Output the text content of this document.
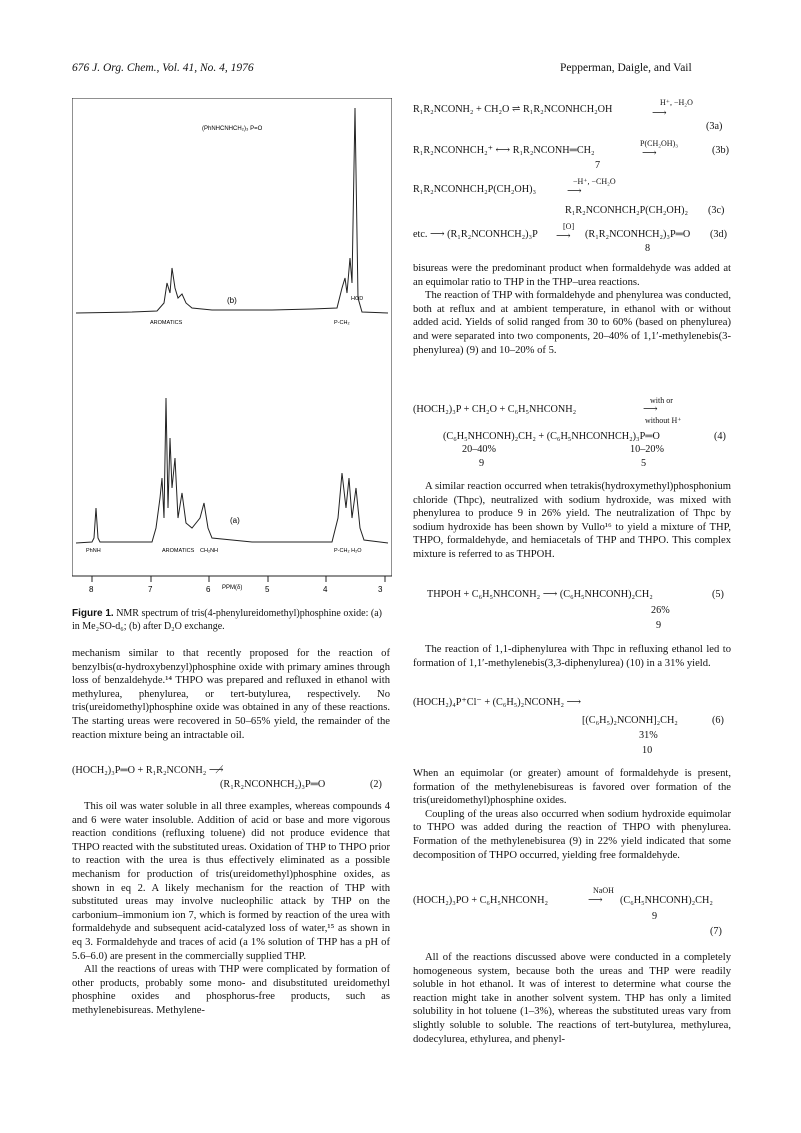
676 J. Org. Chem., Vol. 41, No. 4, 1976	Pepperman, Daigle, and Vail
8	7	6	5	4	3
PPM(δ)
(PhNHCNHCH₂)₃ P=O
(b)
(a)
AROMATICS	P-CH₂
HOD
PhNH	AROMATICS CH₂NH	P-CH₂ H₂O
Figure 1. NMR spectrum of tris(4-phenylureidomethyl)phosphine oxide: (a) in Me₂SO-d₆; (b) after D₂O exchange.

mechanism similar to that recently proposed for the reaction of benzylbis(α-hydroxybenzyl)phosphine oxide with primary amines through loss of benzaldehyde.¹⁴ THPO was prepared and refluxed in ethanol with methylurea, phenylurea, or tert-butylurea, respectively. No tris(ureidomethyl)phosphine oxide was obtained in any of these reactions. The starting ureas were recovered in 50–65% yield, the remainder of the reaction mixture being an intractable oil.

(HOCH₂)₃P═O + R₁R₂NCONH₂ ⟶̸
(R₁R₂NCONHCH₂)₃P═O	(2)

This oil was water soluble in all three examples, whereas compounds 4 and 6 were water insoluble. Addition of acid or base and more vigorous reaction conditions (refluxing toluene) did not produce evidence that THPO reacted with the substituted ureas. Oxidation of THP to THPO prior to reaction with the urea is thus effectively eliminated as a possible mechanism for production of tris(ureidomethyl)phosphine oxides, as shown in eq 2. A likely mechanism for the reaction of THP with substituted ureas may involve nucleophilic attack by THP on the carbonium–immonium ion 7, which is formed by reaction of the urea with formaldehyde and subsequent acid-catalyzed loss of water,¹⁵ as shown in eq 3. Formaldehyde and traces of acid (a 1% solution of THP has a pH of 5.6–6.0) are present in the commercially supplied THP.

All the reactions of ureas with THP were complicated by formation of other products, probably some mono- and disubstituted ureidomethyl phosphine oxides and phosphorus-free products, such as methylenebisureas. Methylene-

R₁R₂NCONH₂ + CH₂O ⇌ R₁R₂NCONHCH₂OH
H⁺, −H₂O
⟶
(3a)
R₁R₂NCONHCH₂⁺ ⟷ R₁R₂NCONH═CH₂
P(CH₂OH)₃
⟶	(3b)
7
R₁R₂NCONHCH₂P(CH₂OH)₃
−H⁺, −CH₂O
⟶
R₁R₂NCONHCH₂P(CH₂OH)₂ (3c)
etc. ⟶ (R₁R₂NCONHCH₂)₃P
[O]
⟶ (R₁R₂NCONHCH₂)₃P═O (3d)
8

bisureas were the predominant product when formaldehyde was added at an equimolar ratio to THP in the THP–urea reactions.

The reaction of THP with formaldehyde and phenylurea was conducted, both at reflux and at ambient temperature, in ethanol with or without added acid. Yields of solid ranged from 30 to 60% (based on phenylurea) and were separated into two components, 20–40% of 1,1′-methylenebis(3-phenylurea) (9) and 10–20% of 5.

(HOCH₂)₃P + CH₂O + C₆H₅NHCONH₂
with or
⟶
without H⁺
(C₆H₅NHCONH)₂CH₂ + (C₆H₅NHCONHCH₂)₃P═O	(4)
20–40%	10–20%
9	5

A similar reaction occurred when tetrakis(hydroxymethyl)phosphonium chloride (Thpc), neutralized with sodium hydroxide, was mixed with phenylurea to produce 9 in 26% yield. The neutralization of Thpc by sodium hydroxide has been shown by Vullo¹⁶ to yield a mixture of THP, THPO, formaldehyde, and hemiacetals of THP and THPO. This complex mixture is referred to as THPOH.

THPOH + C₆H₅NHCONH₂ ⟶ (C₆H₅NHCONH)₂CH₂	(5)
26%
9

The reaction of 1,1-diphenylurea with Thpc in refluxing ethanol led to formation of 1,1′-methylenebis(3,3-diphenylurea) (10) in a 31% yield.

(HOCH₂)₄P⁺Cl⁻ + (C₆H₅)₂NCONH₂ ⟶
[(C₆H₅)₂NCONH]₂CH₂	(6)
31%
10

When an equimolar (or greater) amount of formaldehyde is present, formation of the methylenebisureas is favored over formation of the tris(ureidomethyl)phosphine oxides.

Coupling of the ureas also occurred when sodium hydroxide equimolar to THPO was added during the reaction of THPO with phenylurea. Formation of the methylenebisurea (9) in 22% yield indicated that some decomposition of THPO occurred, yielding free formaldehyde.

(HOCH₂)₃PO + C₆H₅NHCONH₂
NaOH
⟶ (C₆H₅NHCONH)₂CH₂
9
(7)

All of the reactions discussed above were conducted in a completely homogeneous system, because both the ureas and THP were readily soluble in hot ethanol. It was of interest to determine what course the reaction might take in another solvent system. THP has only a limited solubility in hot toluene (1–3%), whereas the substituted ureas vary from slightly soluble to soluble. The reactions of tert-butylurea, methylurea, dodecylurea, ethylurea, and phenyl-
